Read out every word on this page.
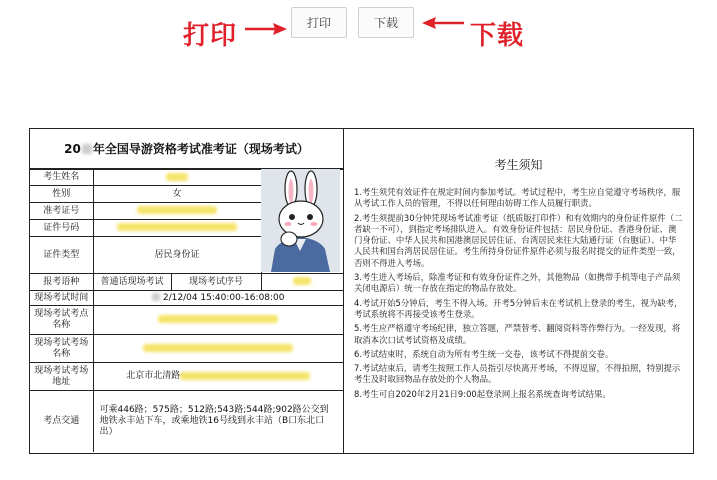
打印	打印	下载	下载
20 年全国导游资格考试准考证（现场考试）
考生姓名			
性别	女		
准考证号			
证件号码			
证件类型	居民身份证		
报考语种	普通话现场考试	现场考试序号	
现场考试时间	2/12/04 15:40:00-16:08:00		
现场考试考点名称			
现场考试考场名称			
现场考试考场地址	北京市北清路		
考点交通	可乘446路；575路；512路;543路;544路;902路公交到地铁永丰站下车，或乘地铁16号线到永丰站（B口东北口出）		
考生须知

1.考生须凭有效证件在规定时间内参加考试。考试过程中，考生应自觉遵守考场秩序，服从考试工作人员的管理，不得以任何理由妨碍工作人员履行职责。

2.考生须提前30分钟凭现场考试准考证（纸质版打印件）和有效期内的身份证件原件（二者缺一不可），到指定考场排队进入。有效身份证件包括：居民身份证、香港身份证、澳门身份证、中华人民共和国港澳居民居住证、台湾居民来往大陆通行证（台胞证）、中华人民共和国台湾居民居住证。考生所持身份证件原件必须与报名时提交的证件类型一致，否则不得进入考场。

3.考生进入考场后，除准考证和有效身份证件之外，其他物品（如携带手机等电子产品须关闭电源后）统一存放在指定的物品存放处。

4.考试开始5分钟后，考生不得入场。开考5分钟后未在考试机上登录的考生，视为缺考，考试系统将不再接受该考生登录。

5.考生应严格遵守考场纪律，独立答题，严禁替考、翻阅资料等作弊行为。一经发现，将取消本次口试考试资格及成绩。

6.考试结束时，系统自动为所有考生统一交卷，该考试不得提前交卷。

7.考试结束后，请考生按照工作人员指引尽快离开考场，不得逗留，不得拍照，特别提示考生及时取回物品存放处的个人物品。

8.考生可自2020年2月21日9:00起登录网上报名系统查询考试结果。
